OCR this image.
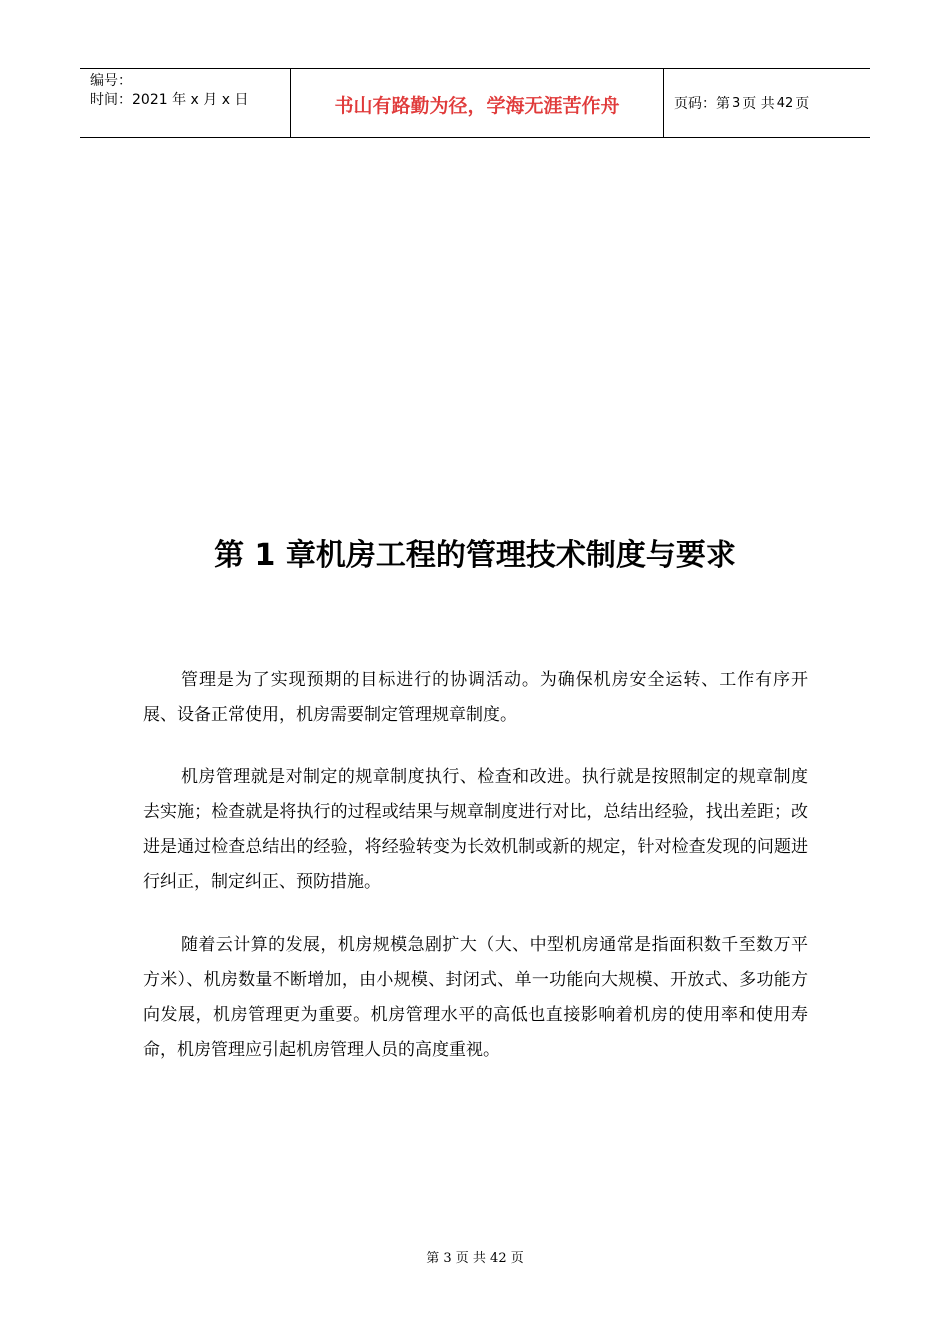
编号：
时间：2021 年 x 月 x 日	书山有路勤为径，学海无涯苦作舟	页码：第 3 页 共 42 页
第 1 章机房工程的管理技术制度与要求

管理是为了实现预期的目标进行的协调活动。为确保机房安全运转、工作有序开展、设备正常使用，机房需要制定管理规章制度。

机房管理就是对制定的规章制度执行、检查和改进。执行就是按照制定的规章制度去实施；检查就是将执行的过程或结果与规章制度进行对比，总结出经验，找出差距；改进是通过检查总结出的经验，将经验转变为长效机制或新的规定，针对检查发现的问题进行纠正，制定纠正、预防措施。

随着云计算的发展，机房规模急剧扩大（大、中型机房通常是指面积数千至数万平方米）、机房数量不断增加，由小规模、封闭式、单一功能向大规模、开放式、多功能方向发展，机房管理更为重要。机房管理水平的高低也直接影响着机房的使用率和使用寿命，机房管理应引起机房管理人员的高度重视。

第 3 页 共 42 页
